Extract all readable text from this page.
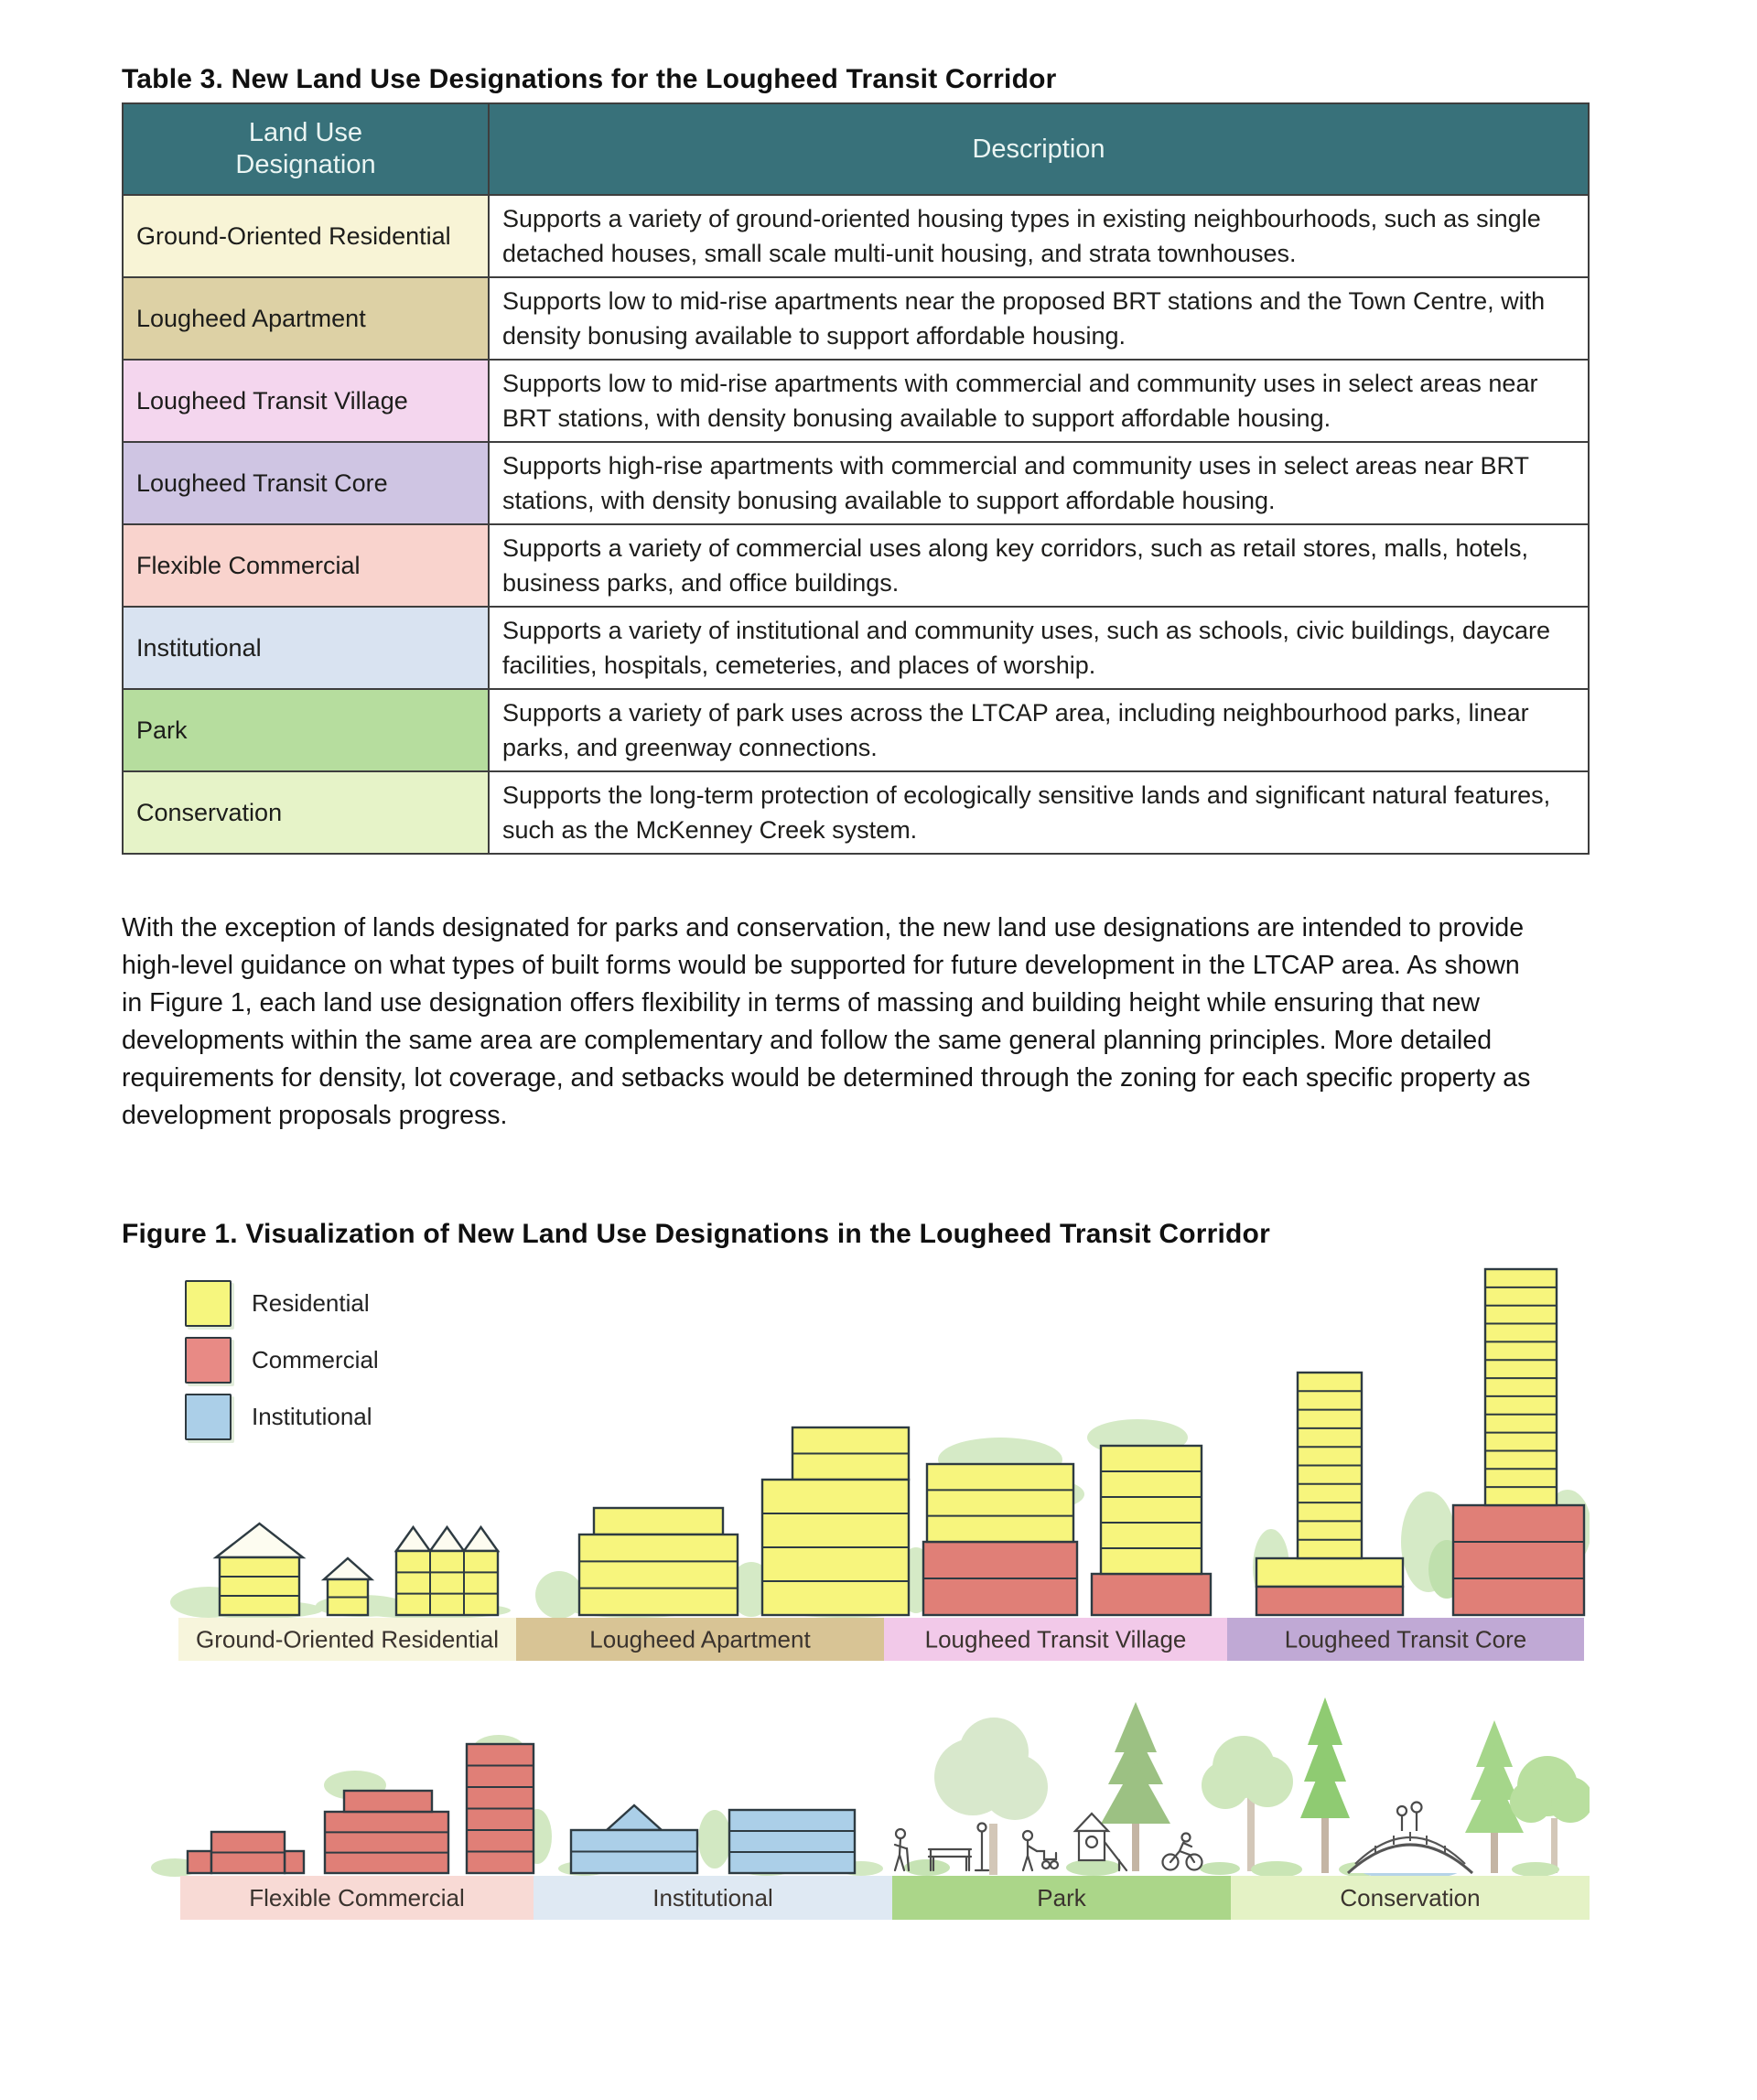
Table 3. New Land Use Designations for the Lougheed Transit Corridor
Land Use Designation	Description
Ground-Oriented Residential	Supports a variety of ground-oriented housing types in existing neighbourhoods, such as single detached houses, small scale multi-unit housing, and strata townhouses.
Lougheed Apartment	Supports low to mid-rise apartments near the proposed BRT stations and the Town Centre, with density bonusing available to support affordable housing.
Lougheed Transit Village	Supports low to mid-rise apartments with commercial and community uses in select areas near BRT stations, with density bonusing available to support affordable housing.
Lougheed Transit Core	Supports high-rise apartments with commercial and community uses in select areas near BRT stations, with density bonusing available to support affordable housing.
Flexible Commercial	Supports a variety of commercial uses along key corridors, such as retail stores, malls, hotels, business parks, and office buildings.
Institutional	Supports a variety of institutional and community uses, such as schools, civic buildings, daycare facilities, hospitals, cemeteries, and places of worship.
Park	Supports a variety of park uses across the LTCAP area, including neighbourhood parks, linear parks, and greenway connections.
Conservation	Supports the long-term protection of ecologically sensitive lands and significant natural features, such as the McKenney Creek system.
With the exception of lands designated for parks and conservation, the new land use designations are intended to provide high-level guidance on what types of built forms would be supported for future development in the LTCAP area. As shown in Figure 1, each land use designation offers flexibility in terms of massing and building height while ensuring that new developments within the same area are complementary and follow the same general planning principles. More detailed requirements for density, lot coverage, and setbacks would be determined through the zoning for each specific property as development proposals progress.
Figure 1. Visualization of New Land Use Designations in the Lougheed Transit Corridor
Residential
Commercial
Institutional
Ground-Oriented Residential	Lougheed Apartment	Lougheed Transit Village	Lougheed Transit Core
Flexible Commercial	Institutional	Park	Conservation
